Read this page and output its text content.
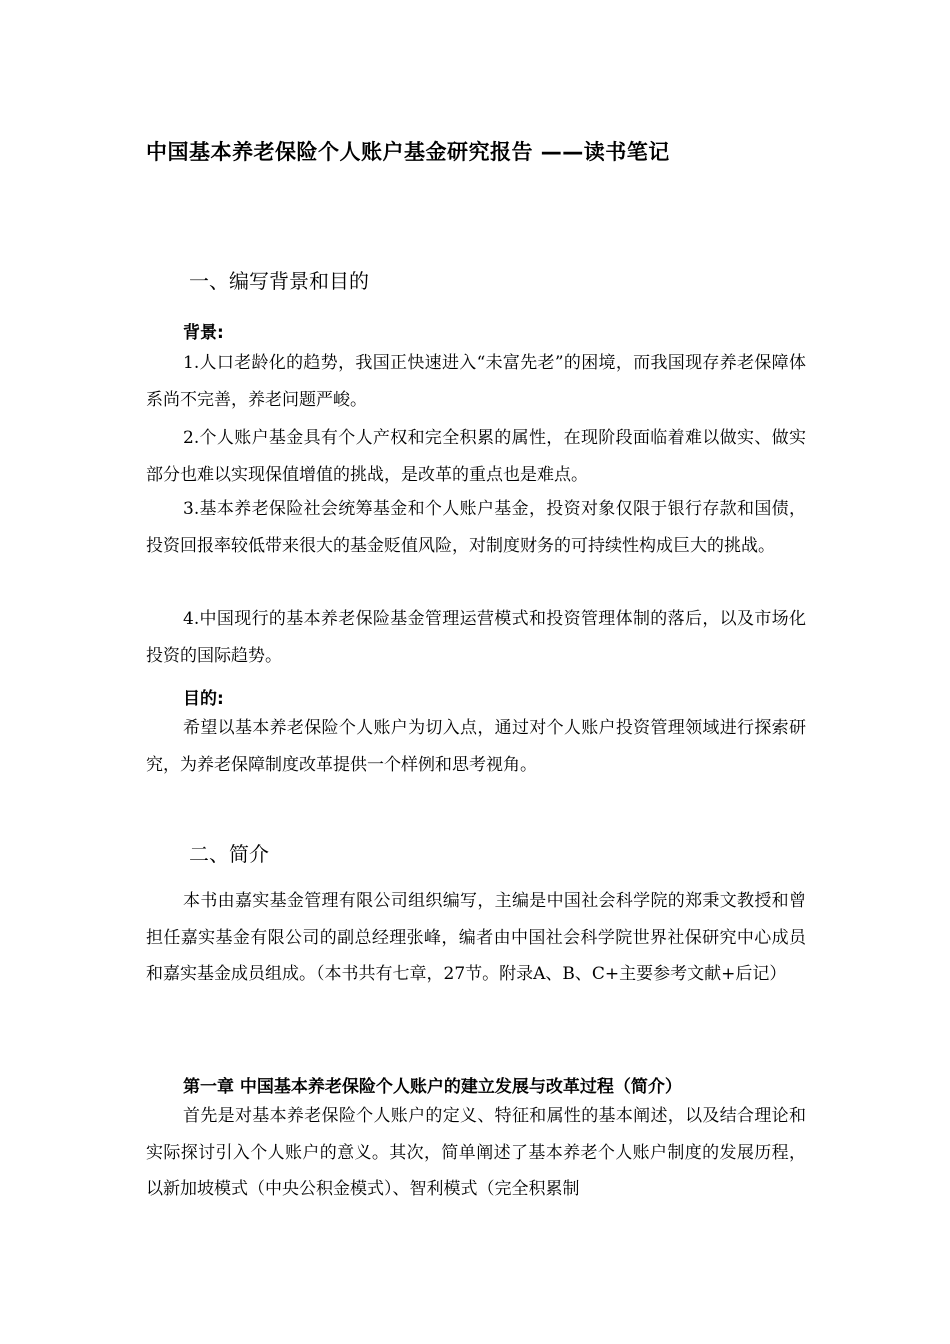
中国基本养老保险个人账户基金研究报告 ——读书笔记
一、编写背景和目的
背景:

1.人口老龄化的趋势，我国正快速进入“未富先老”的困境，而我国现存养老保障体系尚不完善，养老问题严峻。

2.个人账户基金具有个人产权和完全积累的属性，在现阶段面临着难以做实、做实部分也难以实现保值增值的挑战，是改革的重点也是难点。

3.基本养老保险社会统筹基金和个人账户基金，投资对象仅限于银行存款和国债，投资回报率较低带来很大的基金贬值风险，对制度财务的可持续性构成巨大的挑战。

4.中国现行的基本养老保险基金管理运营模式和投资管理体制的落后，以及市场化投资的国际趋势。

目的:

希望以基本养老保险个人账户为切入点，通过对个人账户投资管理领域进行探索研究，为养老保障制度改革提供一个样例和思考视角。

二、简介

本书由嘉实基金管理有限公司组织编写，主编是中国社会科学院的郑秉文教授和曾担任嘉实基金有限公司的副总经理张峰，编者由中国社会科学院世界社保研究中心成员和嘉实基金成员组成。（本书共有七章，27节。附录A、B、C+主要参考文献+后记）

第一章 中国基本养老保险个人账户的建立发展与改革过程（简介）

首先是对基本养老保险个人账户的定义、特征和属性的基本阐述，以及结合理论和实际探讨引入个人账户的意义。其次，简单阐述了基本养老个人账户制度的发展历程，以新加坡模式（中央公积金模式）、智利模式（完全积累制
